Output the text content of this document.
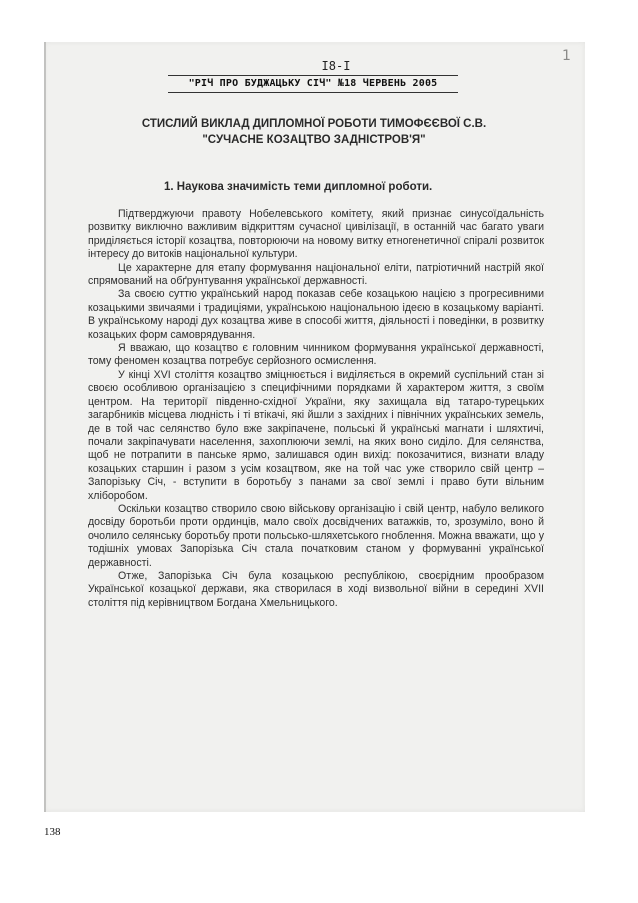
1
I8-I
"РІЧ ПРО БУДЖАЦЬКУ СІЧ" №18 ЧЕРВЕНЬ 2005
СТИСЛИЙ ВИКЛАД ДИПЛОМНОЇ РОБОТИ ТИМОФЄЄВОЇ С.В.
"СУЧАСНЕ КОЗАЦТВО ЗАДНІСТРОВ'Я"
1. Наукова значимість теми дипломної роботи.

Підтверджуючи правоту Нобелевського комітету, який признає синусоїдальність розвитку виключно важливим відкриттям сучасної цивілізації, в останній час багато уваги приділяється історії козацтва, повторюючи на новому витку етногенетичної спіралі розвиток інтересу до витоків національної культури.

Це характерне для етапу формування національної еліти, патріотичний настрій якої спрямований на обґрунтування української державності.

За своєю суттю український народ показав себе козацькою нацією з прогресивними козацькими звичаями і традиціями, українською національною ідеєю в козацькому варіанті. В українському народі дух козацтва живе в способі життя, діяльності і поведінки, в розвитку козацьких форм самоврядування.

Я вважаю, що козацтво є головним чинником формування української державності, тому феномен козацтва потребує серйозного осмислення.

У кінці XVI століття козацтво зміцнюється і виділяється в окремий суспільний стан зі своєю особливою організацією з специфічними порядками й характером життя, з своїм центром. На території південно-східної України, яку захищала від татаро-турецьких загарбників місцева людність і ті втікачі, які йшли з західних і північних українських земель, де в той час селянство було вже закріпачене, польські й українські магнати і шляхтичі, почали закріпачувати населення, захоплюючи землі, на яких воно сиділо. Для селянства, щоб не потрапити в панське ярмо, залишався один вихід: покозачитися, визнати владу козацьких старшин і разом з усім козацтвом, яке на той час уже створило свій центр – Запорізьку Січ, - вступити в боротьбу з панами за свої землі і право бути вільним хліборобом.

Оскільки козацтво створило свою військову організацію і свій центр, набуло великого досвіду боротьби проти ординців, мало своїх досвідчених ватажків, то, зрозуміло, воно й очолило селянську боротьбу проти польсько-шляхетського гноблення. Можна вважати, що у тодішніх умовах Запорізька Січ стала початковим станом у формуванні української державності.

Отже, Запорізька Січ була козацькою республікою, своєрідним прообразом Української козацької держави, яка створилася в ході визвольної війни в середині XVII століття під керівництвом Богдана Хмельницького.

138
